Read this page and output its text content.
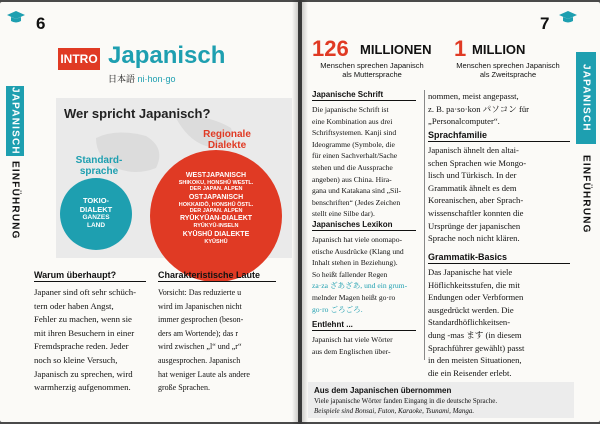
6
JAPANISCH
EINFÜHRUNG
INTRO Japanisch
日本語 ni·hon·go
Wer spricht Japanisch?
Standard-
sprache
Regionale
Dialekte
TOKIO-
DIALEKT
GANZES
LAND
WESTJAPANISCH
SHIKOKU, HONSHŪ WESTL.
DER JAPAN. ALPEN
OSTJAPANISCH
HOKKAIDŌ, HONSHŪ ÖSTL.
DER JAPAN. ALPEN
RYŪKYŪAN-DIALEKT
RYŪKYŪ-INSELN
KYŪSHŪ DIALEKTE
KYŪSHŪ
Warum überhaupt?
Japaner sind oft sehr schüch-
tern oder haben Angst,
Fehler zu machen, wenn sie
mit ihren Besuchern in einer
Fremdsprache reden. Jeder
noch so kleine Versuch,
Japanisch zu sprechen, wird
warmherzig aufgenommen.
Charakteristische Laute
Vorsicht: Das reduzierte u
wird im Japanischen nicht
immer gesprochen (beson-
ders am Wortende); das r
wird zwischen „l“ und „r“
ausgesprochen. Japanisch
hat weniger Laute als andere
große Sprachen.
7
JAPANISCH
EINFÜHRUNG
126 MILLIONEN
Menschen sprechen Japanisch
als Muttersprache
1 MILLION
Menschen sprechen Japanisch
als Zweitsprache
Japanische Schrift
Die japanische Schrift ist
eine Kombination aus drei
Schriftsystemen. Kanji sind
Ideogramme (Symbole, die
für einen Sachverhalt/Sache
stehen und die Aussprache
angeben) aus China. Hira-
gana und Katakana sind „Sil-
benschriften“ (Jedes Zeichen
stellt eine Silbe dar).
Japanisches Lexikon
Japanisch hat viele onomapo-
etische Ausdrücke (Klang und
Inhalt stehen in Beziehung).
So heißt fallender Regen
za·za ざあざあ, und ein grum-
melnder Magen heißt go·ro
go·ro ごろごろ.
Entlehnt ...
Japanisch hat viele Wörter
aus dem Englischen über-
nommen, meist angepasst,
z. B. pa·so·kon パソコン für
„Personalcomputer“.
Sprachfamilie
Japanisch ähnelt den altai-
schen Sprachen wie Mongo-
lisch und Türkisch. In der
Grammatik ähnelt es dem
Koreanischen, aber Sprach-
wissenschaftler konnten die
Ursprünge der japanischen
Sprache noch nicht klären.
Grammatik-Basics
Das Japanische hat viele
Höflichkeitsstufen, die mit
Endungen oder Verbformen
ausgedrückt werden. Die
Standardhöflichkeitsen-
dung -mas ます (in diesem
Sprachführer gewählt) passt
in den meisten Situationen,
die ein Reisender erlebt.
Aus dem Japanischen übernommen
Viele japanische Wörter fanden Eingang in die deutsche Sprache.
Beispiele sind Bonsai, Futon, Karaoke, Tsunami, Manga.
